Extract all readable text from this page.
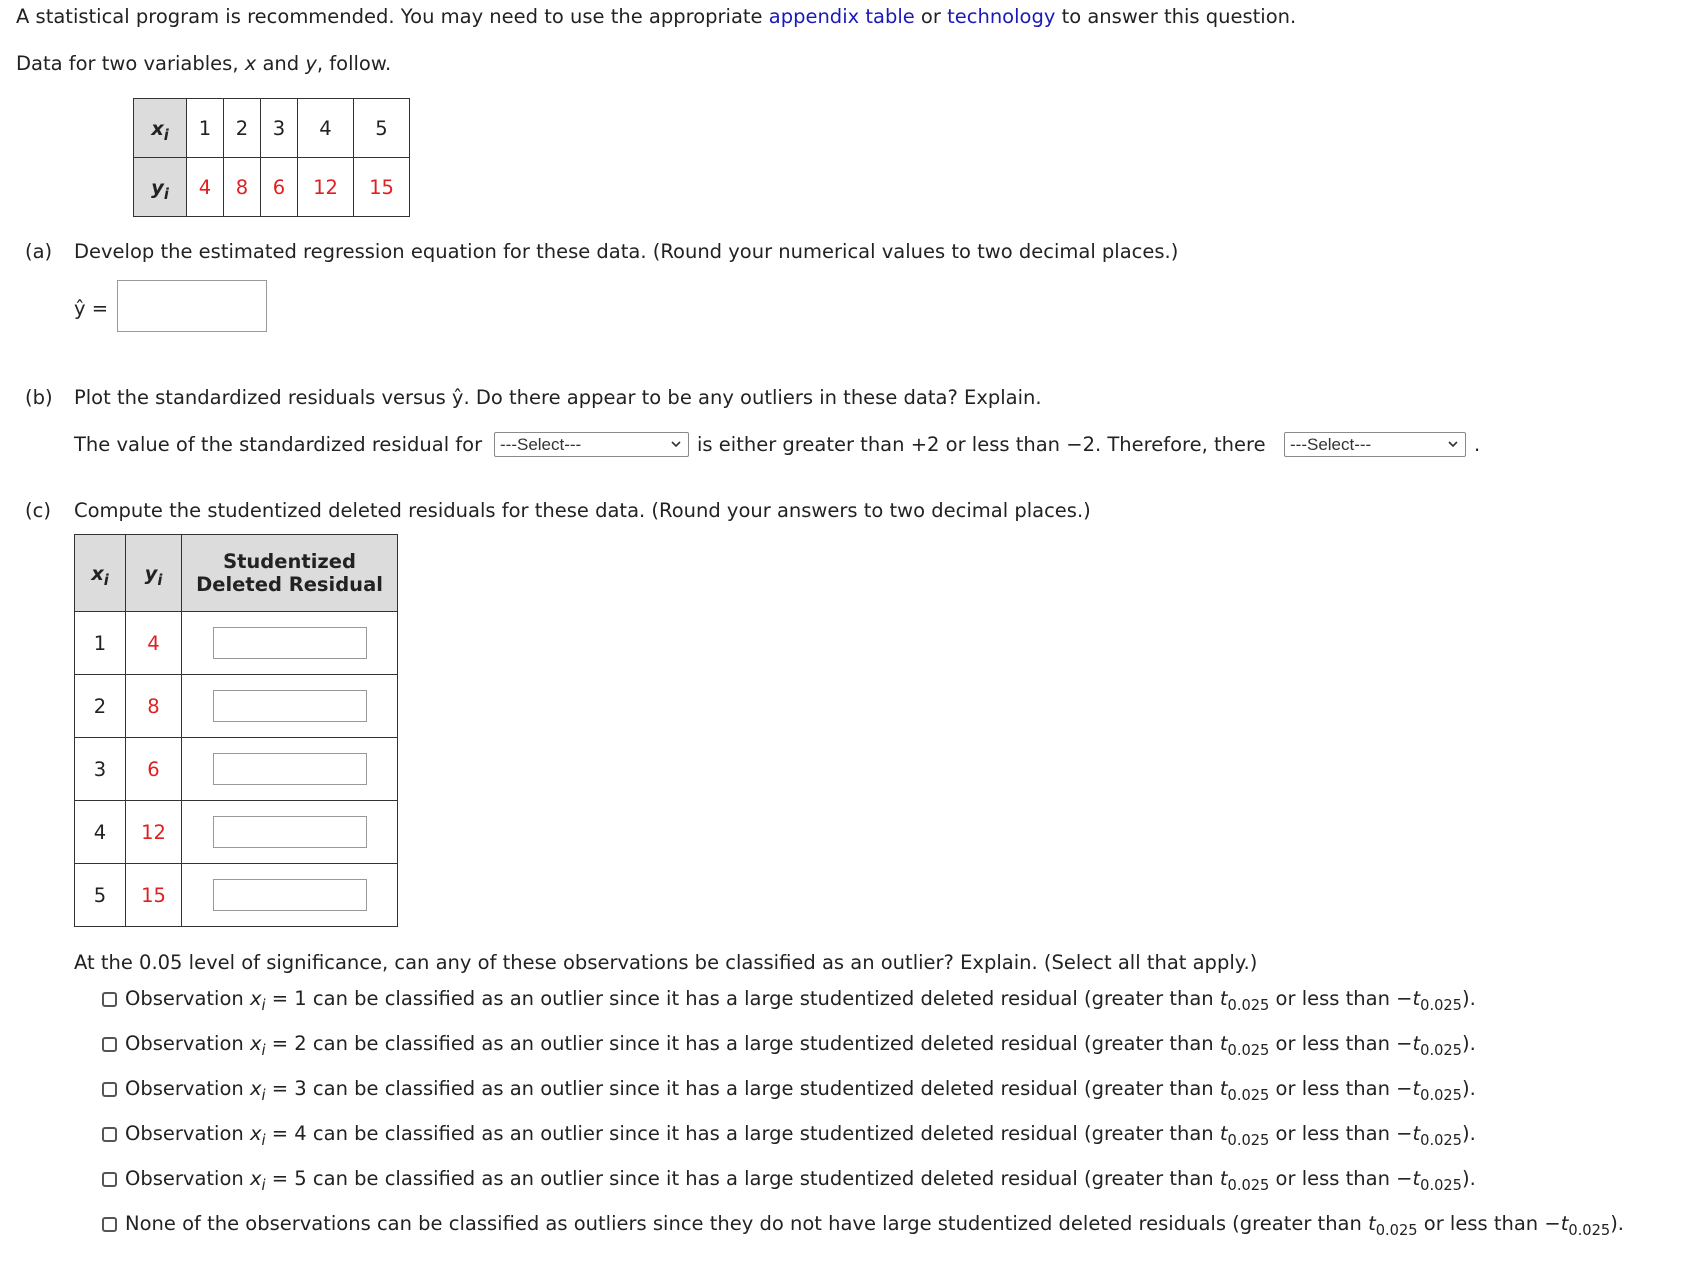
A statistical program is recommended. You may need to use the appropriate appendix table or technology to answer this question.
Data for two variables, x and y, follow.
$x_i$	1	2	3	4	5
$y_i$	4	8	6	12	15
(a) Develop the estimated regression equation for these data. (Round your numerical values to two decimal places.)
ŷ =
(b) Plot the standardized residuals versus ŷ. Do there appear to be any outliers in these data? Explain.
The value of the standardized residual for	---Select---	is either greater than +2 or less than −2. Therefore, there	---Select---	.
(c) Compute the studentized deleted residuals for these data. (Round your answers to two decimal places.)
$x_i$	$y_i$	Studentized
Deleted Residual
1	4	
2	8	
3	6	
4	12	
5	15	
At the 0.05 level of significance, can any of these observations be classified as an outlier? Explain. (Select all that apply.)
Observation $x_i = 1$ can be classified as an outlier since it has a large studentized deleted residual (greater than $t_{0.025}$ or less than $-t_{0.025}$).
Observation $x_i = 2$ can be classified as an outlier since it has a large studentized deleted residual (greater than $t_{0.025}$ or less than $-t_{0.025}$).
Observation $x_i = 3$ can be classified as an outlier since it has a large studentized deleted residual (greater than $t_{0.025}$ or less than $-t_{0.025}$).
Observation $x_i = 4$ can be classified as an outlier since it has a large studentized deleted residual (greater than $t_{0.025}$ or less than $-t_{0.025}$).
Observation $x_i = 5$ can be classified as an outlier since it has a large studentized deleted residual (greater than $t_{0.025}$ or less than $-t_{0.025}$).
None of the observations can be classified as outliers since they do not have large studentized deleted residuals (greater than $t_{0.025}$ or less than $-t_{0.025}$).
